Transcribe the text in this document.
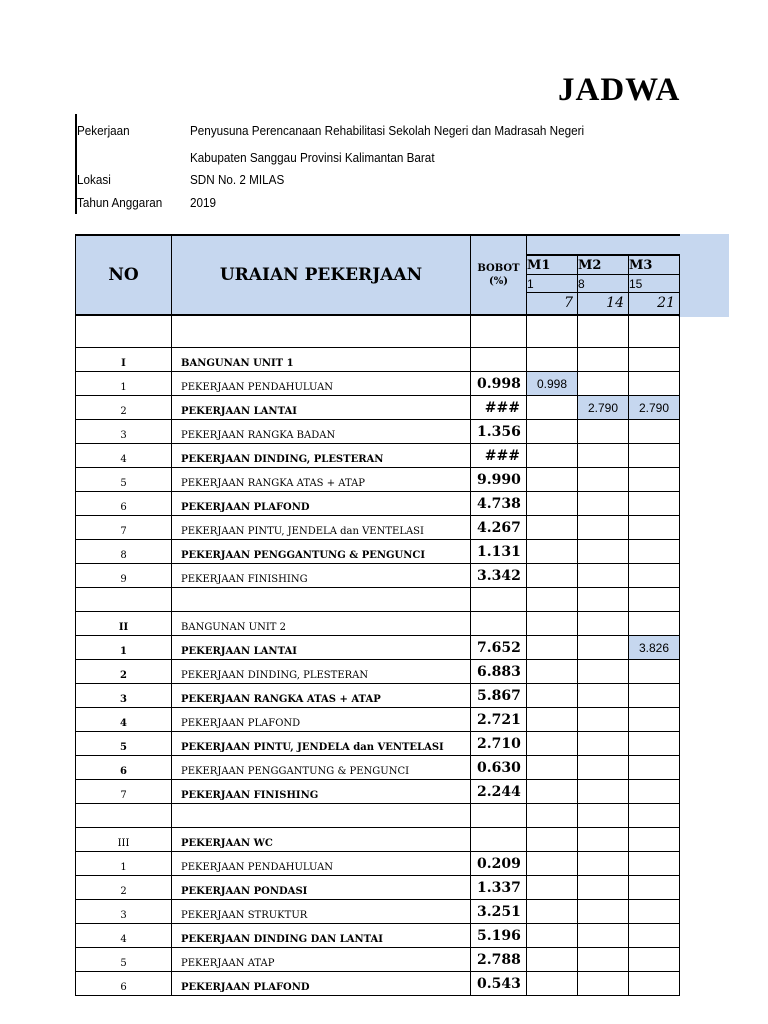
JADWA
Pekerjaan	Penyusuna Perencanaan Rehabilitasi Sekolah Negeri dan Madrasah Negeri
Kabupaten Sanggau Provinsi Kalimantan Barat
Lokasi	SDN No. 2 MILAS
Tahun Anggaran 2019
NO	URAIAN PEKERJAAN	BOBOT
(%)			

			M1	M2	M3
			1	8	15
			7	14	21

I	BANGUNAN UNIT 1				
1	PEKERJAAN PENDAHULUAN	0.998	0.998		
2	PEKERJAAN LANTAI	###		2.790	2.790
3	PEKERJAAN RANGKA BADAN	1.356			
4	PEKERJAAN DINDING, PLESTERAN	###			
5	PEKERJAAN RANGKA ATAS + ATAP	9.990			
6	PEKERJAAN PLAFOND	4.738			
7	PEKERJAAN PINTU, JENDELA dan VENTELASI	4.267			
8	PEKERJAAN PENGGANTUNG & PENGUNCI	1.131			
9	PEKERJAAN FINISHING	3.342			

II	BANGUNAN UNIT 2				
1	PEKERJAAN LANTAI	7.652			3.826
2	PEKERJAAN DINDING, PLESTERAN	6.883			
3	PEKERJAAN RANGKA ATAS + ATAP	5.867			
4	PEKERJAAN PLAFOND	2.721			
5	PEKERJAAN PINTU, JENDELA dan VENTELASI	2.710			
6	PEKERJAAN PENGGANTUNG & PENGUNCI	0.630			
7	PEKERJAAN FINISHING	2.244			

III	PEKERJAAN WC				
1	PEKERJAAN PENDAHULUAN	0.209			
2	PEKERJAAN PONDASI	1.337			
3	PEKERJAAN STRUKTUR	3.251			
4	PEKERJAAN DINDING DAN LANTAI	5.196			
5	PEKERJAAN ATAP	2.788			
6	PEKERJAAN PLAFOND	0.543			
